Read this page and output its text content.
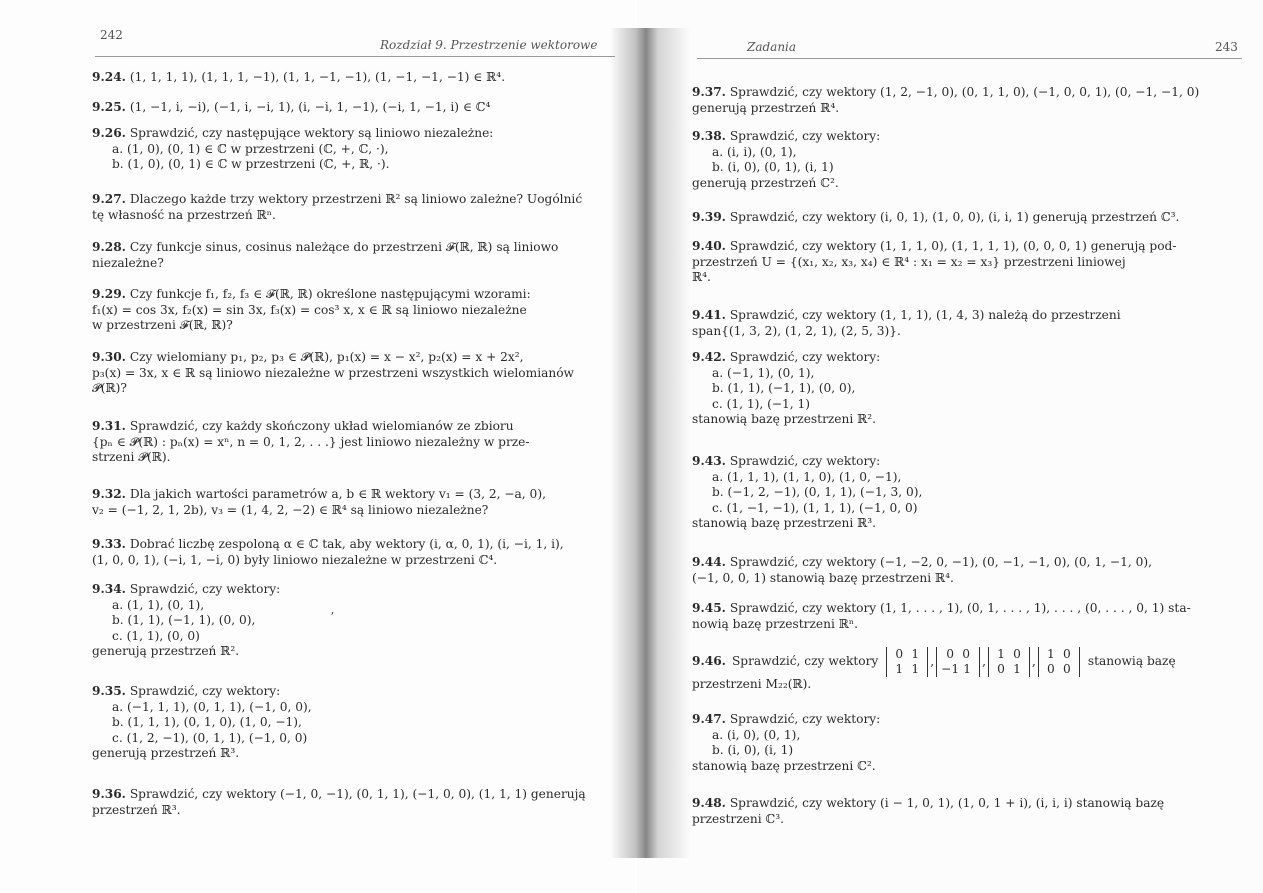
242
Rozdział 9. Przestrzenie wektorowe
9.24. (1, 1, 1, 1), (1, 1, 1, −1), (1, 1, −1, −1), (1, −1, −1, −1) ∈ ℝ⁴.
9.25. (1, −1, i, −i), (−1, i, −i, 1), (i, −i, 1, −1), (−i, 1, −1, i) ∈ ℂ⁴
9.26. Sprawdzić, czy następujące wektory są liniowo niezależne:
a. (1, 0), (0, 1) ∈ ℂ w przestrzeni (ℂ, +, ℂ, ·),
b. (1, 0), (0, 1) ∈ ℂ w przestrzeni (ℂ, +, ℝ, ·).
9.27. Dlaczego każde trzy wektory przestrzeni ℝ² są liniowo zależne? Uogólnić
tę własność na przestrzeń ℝⁿ.
9.28. Czy funkcje sinus, cosinus należące do przestrzeni 𝓕(ℝ, ℝ) są liniowo
niezależne?
9.29. Czy funkcje f₁, f₂, f₃ ∈ 𝓕(ℝ, ℝ) określone następującymi wzorami:
f₁(x) = cos 3x, f₂(x) = sin 3x, f₃(x) = cos³ x, x ∈ ℝ są liniowo niezależne
w przestrzeni 𝓕(ℝ, ℝ)?
9.30. Czy wielomiany p₁, p₂, p₃ ∈ 𝓟(ℝ), p₁(x) = x − x², p₂(x) = x + 2x²,
p₃(x) = 3x, x ∈ ℝ są liniowo niezależne w przestrzeni wszystkich wielomianów
𝓟(ℝ)?
9.31. Sprawdzić, czy każdy skończony układ wielomianów ze zbioru
{pₙ ∈ 𝓟(ℝ) : pₙ(x) = xⁿ, n = 0, 1, 2, . . .} jest liniowo niezależny w prze-
strzeni 𝓟(ℝ).
9.32. Dla jakich wartości parametrów a, b ∈ ℝ wektory v₁ = (3, 2, −a, 0),
v₂ = (−1, 2, 1, 2b), v₃ = (1, 4, 2, −2) ∈ ℝ⁴ są liniowo niezależne?
9.33. Dobrać liczbę zespoloną α ∈ ℂ tak, aby wektory (i, α, 0, 1), (i, −i, 1, i),
(1, 0, 0, 1), (−i, 1, −i, 0) były liniowo niezależne w przestrzeni ℂ⁴.
9.34. Sprawdzić, czy wektory:
a. (1, 1), (0, 1),
b. (1, 1), (−1, 1), (0, 0),
c. (1, 1), (0, 0)
generują przestrzeń ℝ².
9.35. Sprawdzić, czy wektory:
a. (−1, 1, 1), (0, 1, 1), (−1, 0, 0),
b. (1, 1, 1), (0, 1, 0), (1, 0, −1),
c. (1, 2, −1), (0, 1, 1), (−1, 0, 0)
generują przestrzeń ℝ³.
9.36. Sprawdzić, czy wektory (−1, 0, −1), (0, 1, 1), (−1, 0, 0), (1, 1, 1) generują
przestrzeń ℝ³.
ʼ
Zadania	243
9.37. Sprawdzić, czy wektory (1, 2, −1, 0), (0, 1, 1, 0), (−1, 0, 0, 1), (0, −1, −1, 0)
generują przestrzeń ℝ⁴.
9.38. Sprawdzić, czy wektory:
a. (i, i), (0, 1),
b. (i, 0), (0, 1), (i, 1)
generują przestrzeń ℂ².
9.39. Sprawdzić, czy wektory (i, 0, 1), (1, 0, 0), (i, i, 1) generują przestrzeń ℂ³.
9.40. Sprawdzić, czy wektory (1, 1, 1, 0), (1, 1, 1, 1), (0, 0, 0, 1) generują pod-
przestrzeń U = {(x₁, x₂, x₃, x₄) ∈ ℝ⁴ : x₁ = x₂ = x₃} przestrzeni liniowej
ℝ⁴.
9.41. Sprawdzić, czy wektory (1, 1, 1), (1, 4, 3) należą do przestrzeni
span{(1, 3, 2), (1, 2, 1), (2, 5, 3)}.
9.42. Sprawdzić, czy wektory:
a. (−1, 1), (0, 1),
b. (1, 1), (−1, 1), (0, 0),
c. (1, 1), (−1, 1)
stanowią bazę przestrzeni ℝ².
9.43. Sprawdzić, czy wektory:
a. (1, 1, 1), (1, 1, 0), (1, 0, −1),
b. (−1, 2, −1), (0, 1, 1), (−1, 3, 0),
c. (1, −1, −1), (1, 1, 1), (−1, 0, 0)
stanowią bazę przestrzeni ℝ³.
9.44. Sprawdzić, czy wektory (−1, −2, 0, −1), (0, −1, −1, 0), (0, 1, −1, 0),
(−1, 0, 0, 1) stanowią bazę przestrzeni ℝ⁴.
9.45. Sprawdzić, czy wektory (1, 1, . . . , 1), (0, 1, . . . , 1), . . . , (0, . . . , 0, 1) sta-
nowią bazę przestrzeni ℝⁿ.
9.46. Sprawdzić, czy wektory
0 1
1 1
,
0 0
−1 1
,
1 0
0 1
,
1 0
0 0
stanowią bazę
przestrzeni M₂₂(ℝ).
9.47. Sprawdzić, czy wektory:
a. (i, 0), (0, 1),
b. (i, 0), (i, 1)
stanowią bazę przestrzeni ℂ².
9.48. Sprawdzić, czy wektory (i − 1, 0, 1), (1, 0, 1 + i), (i, i, i) stanowią bazę
przestrzeni ℂ³.
